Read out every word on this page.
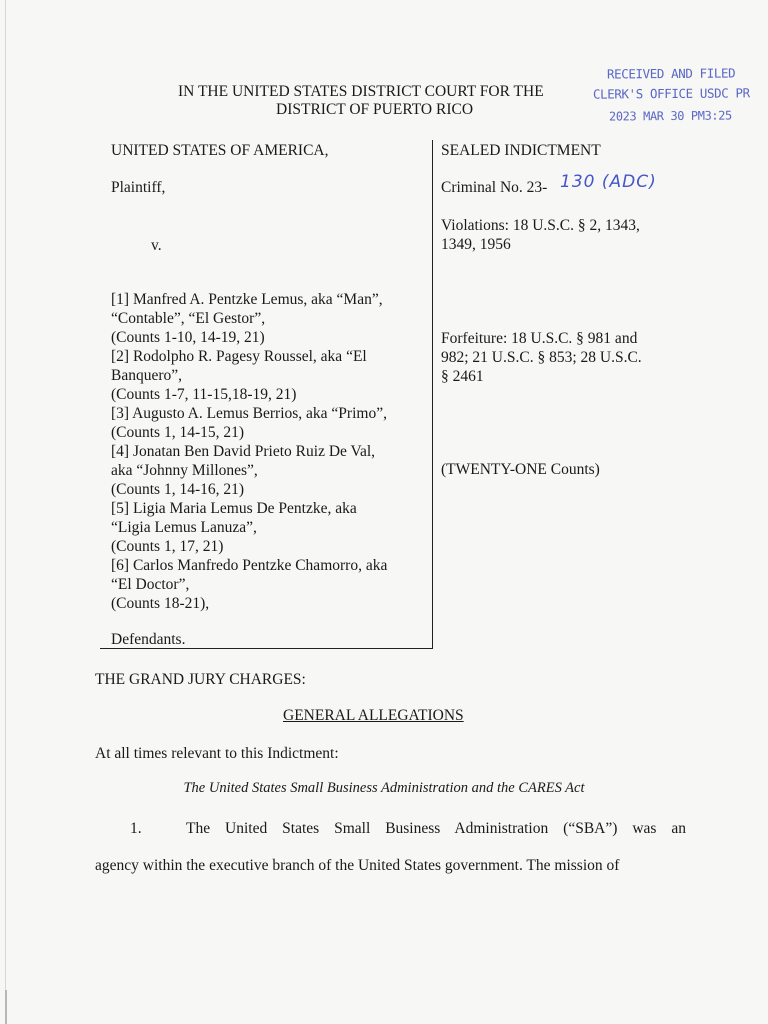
RECEIVED AND FILED
CLERK'S OFFICE USDC PR
2023 MAR 30 PM3:25
IN THE UNITED STATES DISTRICT COURT FOR THE
DISTRICT OF PUERTO RICO
UNITED STATES OF AMERICA,
Plaintiff,
v.
[1] Manfred A. Pentzke Lemus, aka “Man”,
“Contable”, “El Gestor”,
(Counts 1-10, 14-19, 21)
[2] Rodolpho R. Pagesy Roussel, aka “El
Banquero”,
(Counts 1-7, 11-15,18-19, 21)
[3] Augusto A. Lemus Berrios, aka “Primo”,
(Counts 1, 14-15, 21)
[4] Jonatan Ben David Prieto Ruiz De Val,
aka “Johnny Millones”,
(Counts 1, 14-16, 21)
[5] Ligia Maria Lemus De Pentzke, aka
“Ligia Lemus Lanuza”,
(Counts 1, 17, 21)
[6] Carlos Manfredo Pentzke Chamorro, aka
“El Doctor”,
(Counts 18-21),
Defendants.
SEALED INDICTMENT
Criminal No. 23- 130 (ADC)
Violations: 18 U.S.C. § 2, 1343,
1349, 1956
Forfeiture: 18 U.S.C. § 981 and
982; 21 U.S.C. § 853; 28 U.S.C.
§ 2461
(TWENTY-ONE Counts)
THE GRAND JURY CHARGES:
GENERAL ALLEGATIONS
At all times relevant to this Indictment:
The United States Small Business Administration and the CARES Act
1.	The United States Small Business Administration (“SBA”) was an
agency within the executive branch of the United States government. The mission of
